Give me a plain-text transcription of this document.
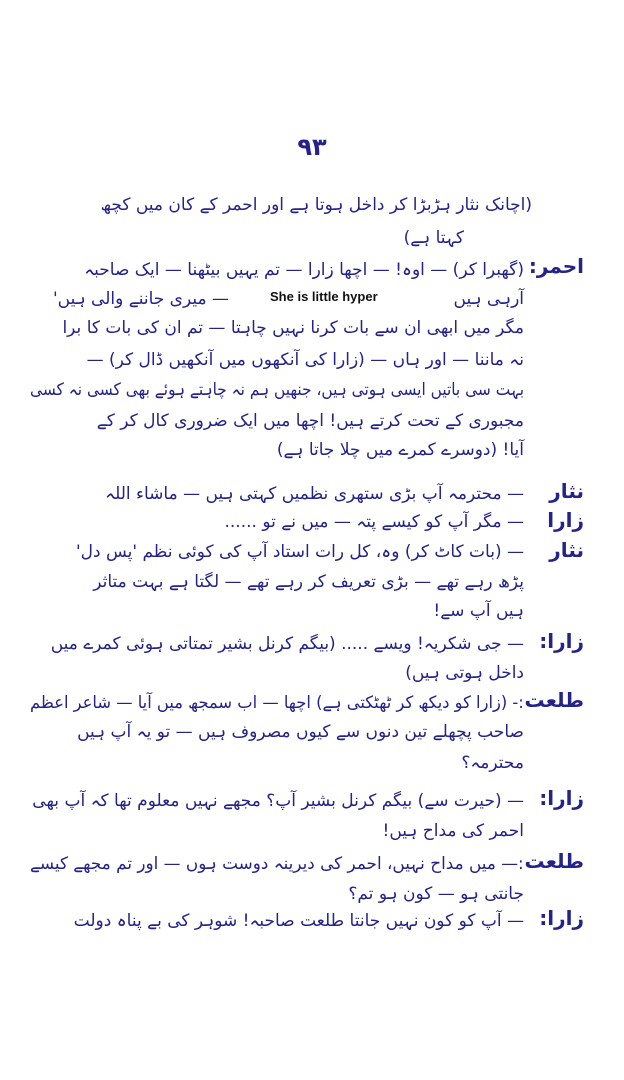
۹۳
(اچانک نثار ہڑبڑا کر داخل ہوتا ہے اور احمر کے کان میں کچھ
کہتا ہے)
احمر:
(گھبرا کر) — اوہ! — اچھا زارا — تم یہیں بیٹھنا — ایک صاحبہ
آرہی ہیں
She is little hyper
— میری جاننے والی ہیں'
مگر میں ابھی ان سے بات کرنا نہیں چاہتا — تم ان کی بات کا برا
نہ ماننا — اور ہاں — (زارا کی آنکھوں میں آنکھیں ڈال کر) —
بہت سی باتیں ایسی ہوتی ہیں، جنھیں ہم نہ چاہتے ہوئے بھی کسی نہ کسی
مجبوری کے تحت کرتے ہیں! اچھا میں ایک ضروری کال کر کے
آیا! (دوسرے کمرے میں چلا جاتا ہے)
نثار
— محترمہ آپ بڑی ستھری نظمیں کہتی ہیں — ماشاء اللہ
زارا
— مگر آپ کو کیسے پتہ — میں نے تو ......
نثار
— (بات کاٹ کر) وہ، کل رات استاد آپ کی کوئی نظم 'پس دل'
پڑھ رہے تھے — بڑی تعریف کر رہے تھے — لگتا ہے بہت متاثر
ہیں آپ سے!
زارا:
— جی شکریہ! ویسے ..... (بیگم کرنل بشیر تمتاتی ہوئی کمرے میں
داخل ہوتی ہیں)
طلعت
:- (زارا کو دیکھ کر ٹھٹکتی ہے) اچھا — اب سمجھ میں آیا — شاعر اعظم
صاحب پچھلے تین دنوں سے کیوں مصروف ہیں — تو یہ آپ ہیں
محترمہ؟
زارا:
— (حیرت سے) بیگم کرنل بشیر آپ؟ مجھے نہیں معلوم تھا کہ آپ بھی
احمر کی مداح ہیں!
طلعت
:— میں مداح نہیں، احمر کی دیرینہ دوست ہوں — اور تم مجھے کیسے
جانتی ہو — کون ہو تم؟
زارا:
— آپ کو کون نہیں جانتا طلعت صاحبہ! شوہر کی بے پناہ دولت
